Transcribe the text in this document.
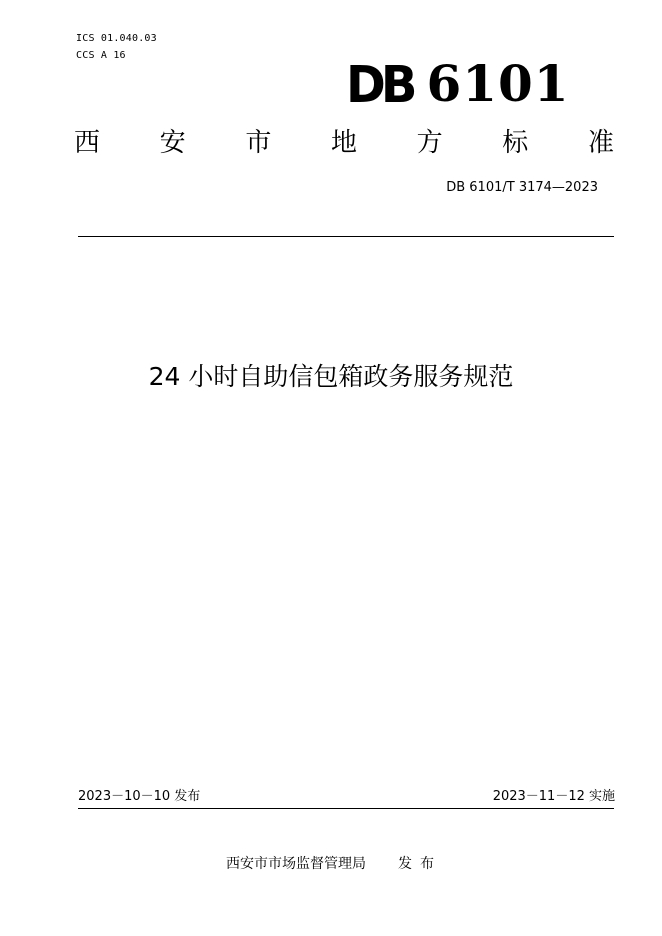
ICS 01.040.03
CCS A 16
DB 6101
西 安 市 地 方 标 准
DB 6101/T 3174—2023
24 小时自助信包箱政务服务规范
2023－10－10 发布	2023－11－12 实施
西安市市场监督管理局 发布
